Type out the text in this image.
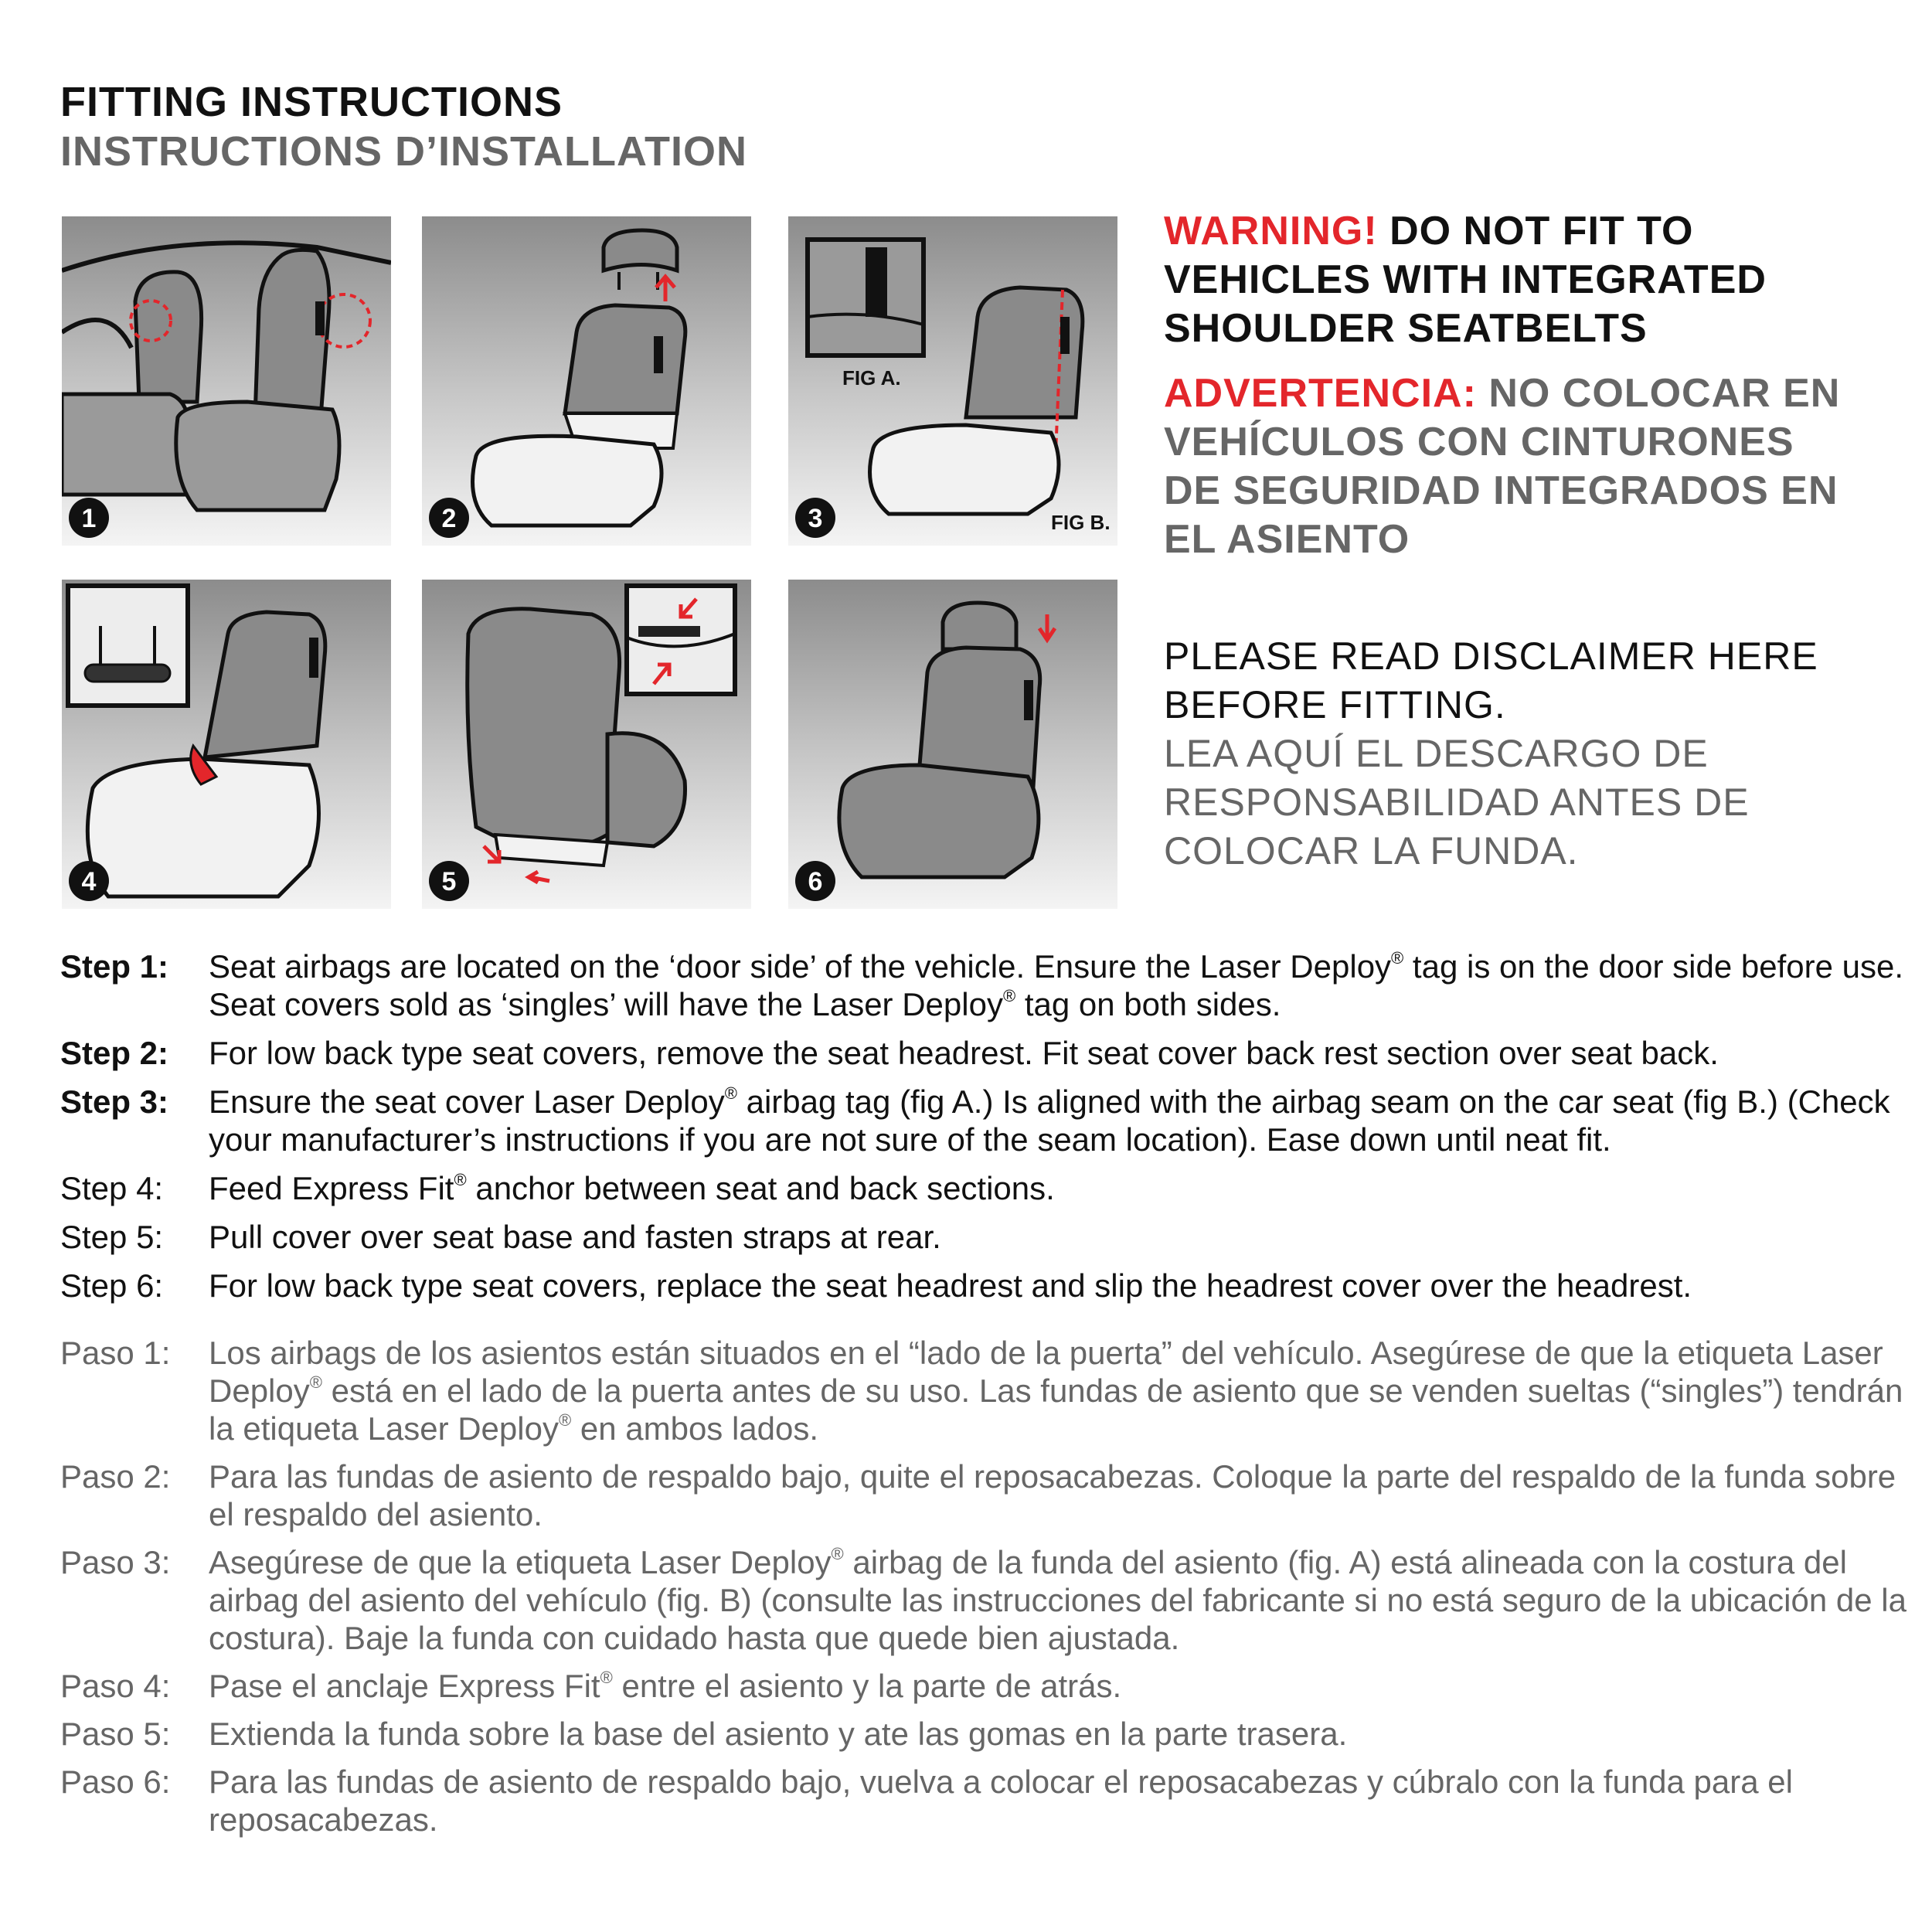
FITTING INSTRUCTIONS
INSTRUCTIONS D’INSTALLATION
1	2
FIG A.
FIG B.
3
4	5	6
WARNING! DO NOT FIT TO
VEHICLES WITH INTEGRATED
SHOULDER SEATBELTS
ADVERTENCIA: NO COLOCAR EN
VEHÍCULOS CON CINTURONES
DE SEGURIDAD INTEGRADOS EN
EL ASIENTO
PLEASE READ DISCLAIMER HERE
BEFORE FITTING.
LEA AQUÍ EL DESCARGO DE
RESPONSABILIDAD ANTES DE
COLOCAR LA FUNDA.
Step 1:	Seat airbags are located on the ‘door side’ of the vehicle. Ensure the Laser Deploy® tag is on the door side before use. Seat covers sold as ‘singles’ will have the Laser Deploy® tag on both sides.
Step 2:	For low back type seat covers, remove the seat headrest. Fit seat cover back rest section over seat back.
Step 3:	Ensure the seat cover Laser Deploy® airbag tag (fig A.) Is aligned with the airbag seam on the car seat (fig B.) (Check your manufacturer’s instructions if you are not sure of the seam location). Ease down until neat fit.
Step 4:	Feed Express Fit® anchor between seat and back sections.
Step 5:	Pull cover over seat base and fasten straps at rear.
Step 6:	For low back type seat covers, replace the seat headrest and slip the headrest cover over the headrest.
Paso 1:	Los airbags de los asientos están situados en el “lado de la puerta” del vehículo. Asegúrese de que la etiqueta Laser Deploy® está en el lado de la puerta antes de su uso. Las fundas de asiento que se venden sueltas (“singles”) tendrán la etiqueta Laser Deploy® en ambos lados.
Paso 2:	Para las fundas de asiento de respaldo bajo, quite el reposacabezas. Coloque la parte del respaldo de la funda sobre el respaldo del asiento.
Paso 3:	Asegúrese de que la etiqueta Laser Deploy® airbag de la funda del asiento (fig. A) está alineada con la costura del airbag del asiento del vehículo (fig. B) (consulte las instrucciones del fabricante si no está seguro de la ubicación de la costura). Baje la funda con cuidado hasta que quede bien ajustada.
Paso 4:	Pase el anclaje Express Fit® entre el asiento y la parte de atrás.
Paso 5:	Extienda la funda sobre la base del asiento y ate las gomas en la parte trasera.
Paso 6:	Para las fundas de asiento de respaldo bajo, vuelva a colocar el reposacabezas y cúbralo con la funda para el reposacabezas.
